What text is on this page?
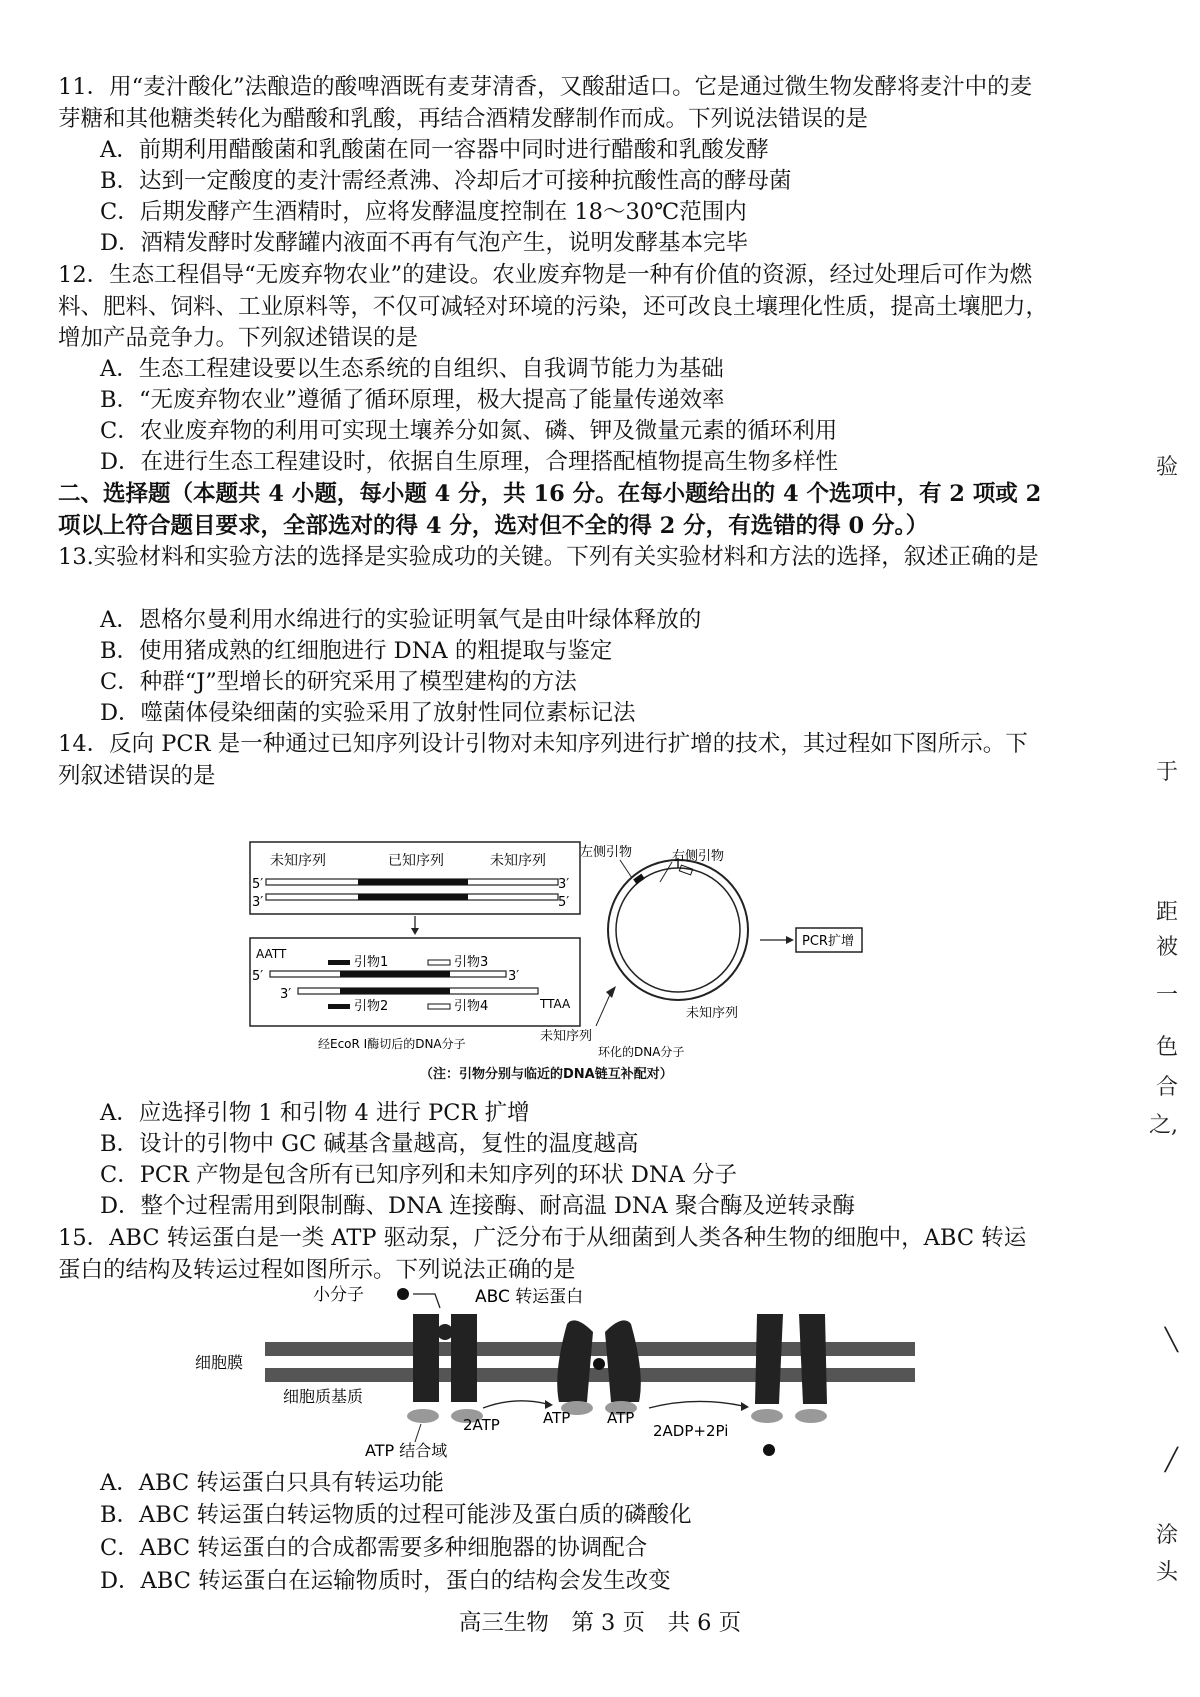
11．用“麦汁酸化”法酿造的酸啤酒既有麦芽清香，又酸甜适口。它是通过微生物发酵将麦汁中的麦芽糖和其他糖类转化为醋酸和乳酸，再结合酒精发酵制作而成。下列说法错误的是
A．前期利用醋酸菌和乳酸菌在同一容器中同时进行醋酸和乳酸发酵
B．达到一定酸度的麦汁需经煮沸、冷却后才可接种抗酸性高的酵母菌
C．后期发酵产生酒精时，应将发酵温度控制在 18～30℃范围内
D．酒精发酵时发酵罐内液面不再有气泡产生，说明发酵基本完毕
12．生态工程倡导“无废弃物农业”的建设。农业废弃物是一种有价值的资源，经过处理后可作为燃料、肥料、饲料、工业原料等，不仅可减轻对环境的污染，还可改良土壤理化性质，提高土壤肥力，增加产品竞争力。下列叙述错误的是
A．生态工程建设要以生态系统的自组织、自我调节能力为基础
B．“无废弃物农业”遵循了循环原理，极大提高了能量传递效率
C．农业废弃物的利用可实现土壤养分如氮、磷、钾及微量元素的循环利用
D．在进行生态工程建设时，依据自生原理，合理搭配植物提高生物多样性
二、选择题（本题共 4 小题，每小题 4 分，共 16 分。在每小题给出的 4 个选项中，有 2 项或 2 项以上符合题目要求，全部选对的得 4 分，选对但不全的得 2 分，有选错的得 0 分。）
13.实验材料和实验方法的选择是实验成功的关键。下列有关实验材料和方法的选择，叙述正确的是
A．恩格尔曼利用水绵进行的实验证明氧气是由叶绿体释放的
B．使用猪成熟的红细胞进行 DNA 的粗提取与鉴定
C．种群“J”型增长的研究采用了模型建构的方法
D．噬菌体侵染细菌的实验采用了放射性同位素标记法
14．反向 PCR 是一种通过已知序列设计引物对未知序列进行扩增的技术，其过程如下图所示。下列叙述错误的是
未知序列	已知序列	未知序列
5′
3′
3′
5′
AATT
5′
3′
3′
TTAA
引物1	引物3
引物2	引物4
经EcoR I酶切后的DNA分子
左侧引物	右侧引物
PCR扩增
未知序列
未知序列
环化的DNA分子
（注：引物分别与临近的DNA链互补配对）
A．应选择引物 1 和引物 4 进行 PCR 扩增
B．设计的引物中 GC 碱基含量越高，复性的温度越高
C．PCR 产物是包含所有已知序列和未知序列的环状 DNA 分子
D．整个过程需用到限制酶、DNA 连接酶、耐高温 DNA 聚合酶及逆转录酶
15．ABC 转运蛋白是一类 ATP 驱动泵，广泛分布于从细菌到人类各种生物的细胞中，ABC 转运蛋白的结构及转运过程如图所示。下列说法正确的是
细胞膜
细胞质基质
小分子	ABC 转运蛋白
2ATP	ATP ATP
2ADP+2Pi
ATP 结合域
A．ABC 转运蛋白只具有转运功能
B．ABC 转运蛋白转运物质的过程可能涉及蛋白质的磷酸化
C．ABC 转运蛋白的合成都需要多种细胞器的协调配合
D．ABC 转运蛋白在运输物质时，蛋白的结构会发生改变
验
于
距
被
一
色
合
之,
╲
╱
涂
头
高三生物　第 3 页　共 6 页
